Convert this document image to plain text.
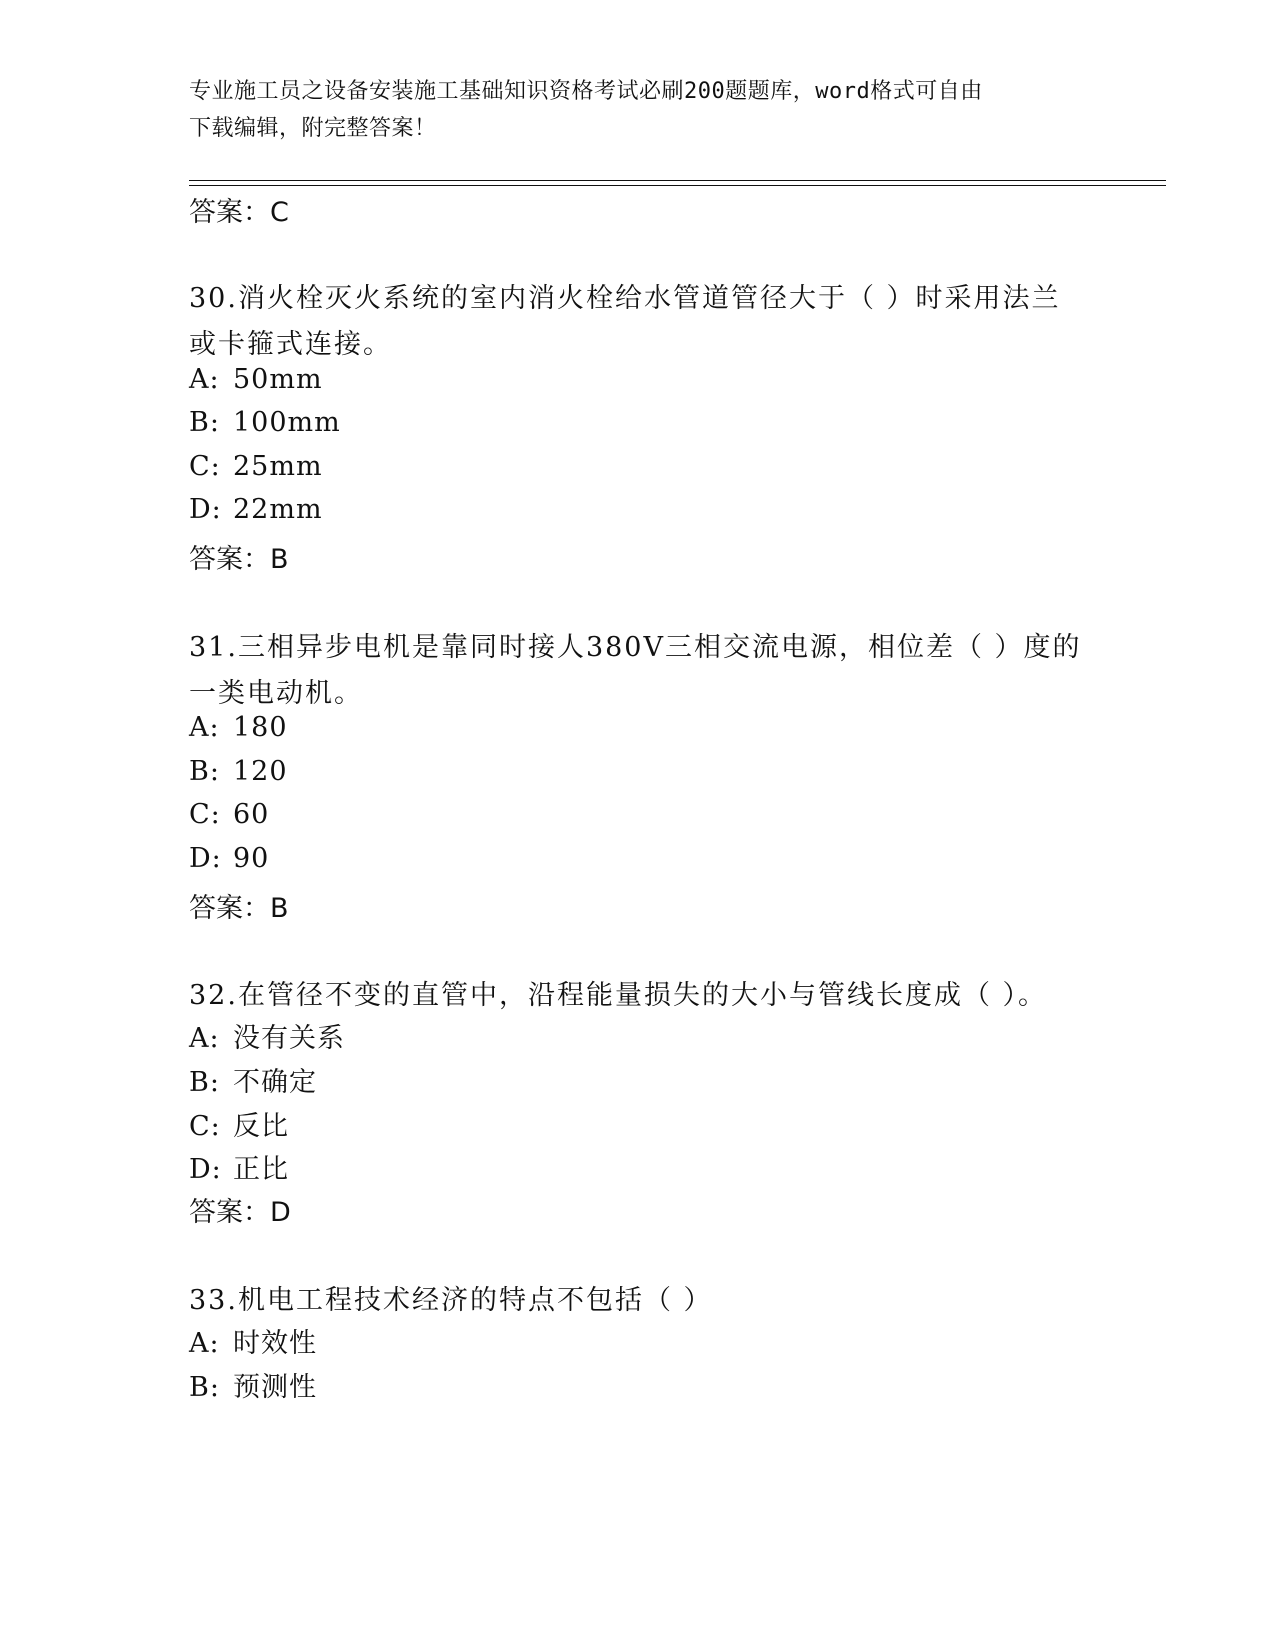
专业施工员之设备安装施工基础知识资格考试必刷200题题库，word格式可自由
下载编辑，附完整答案！
答案：C
30.消火栓灭火系统的室内消火栓给水管道管径大于（ ）时采用法兰
或卡箍式连接。
A: 50mm
B: 100mm
C: 25mm
D: 22mm
答案：B
31.三相异步电机是靠同时接人380V三相交流电源，相位差（ ）度的
一类电动机。
A: 180
B: 120
C: 60
D: 90
答案：B
32.在管径不变的直管中，沿程能量损失的大小与管线长度成（ ）。
A: 没有关系
B: 不确定
C: 反比
D: 正比
答案：D
33.机电工程技术经济的特点不包括（ ）
A: 时效性
B: 预测性
